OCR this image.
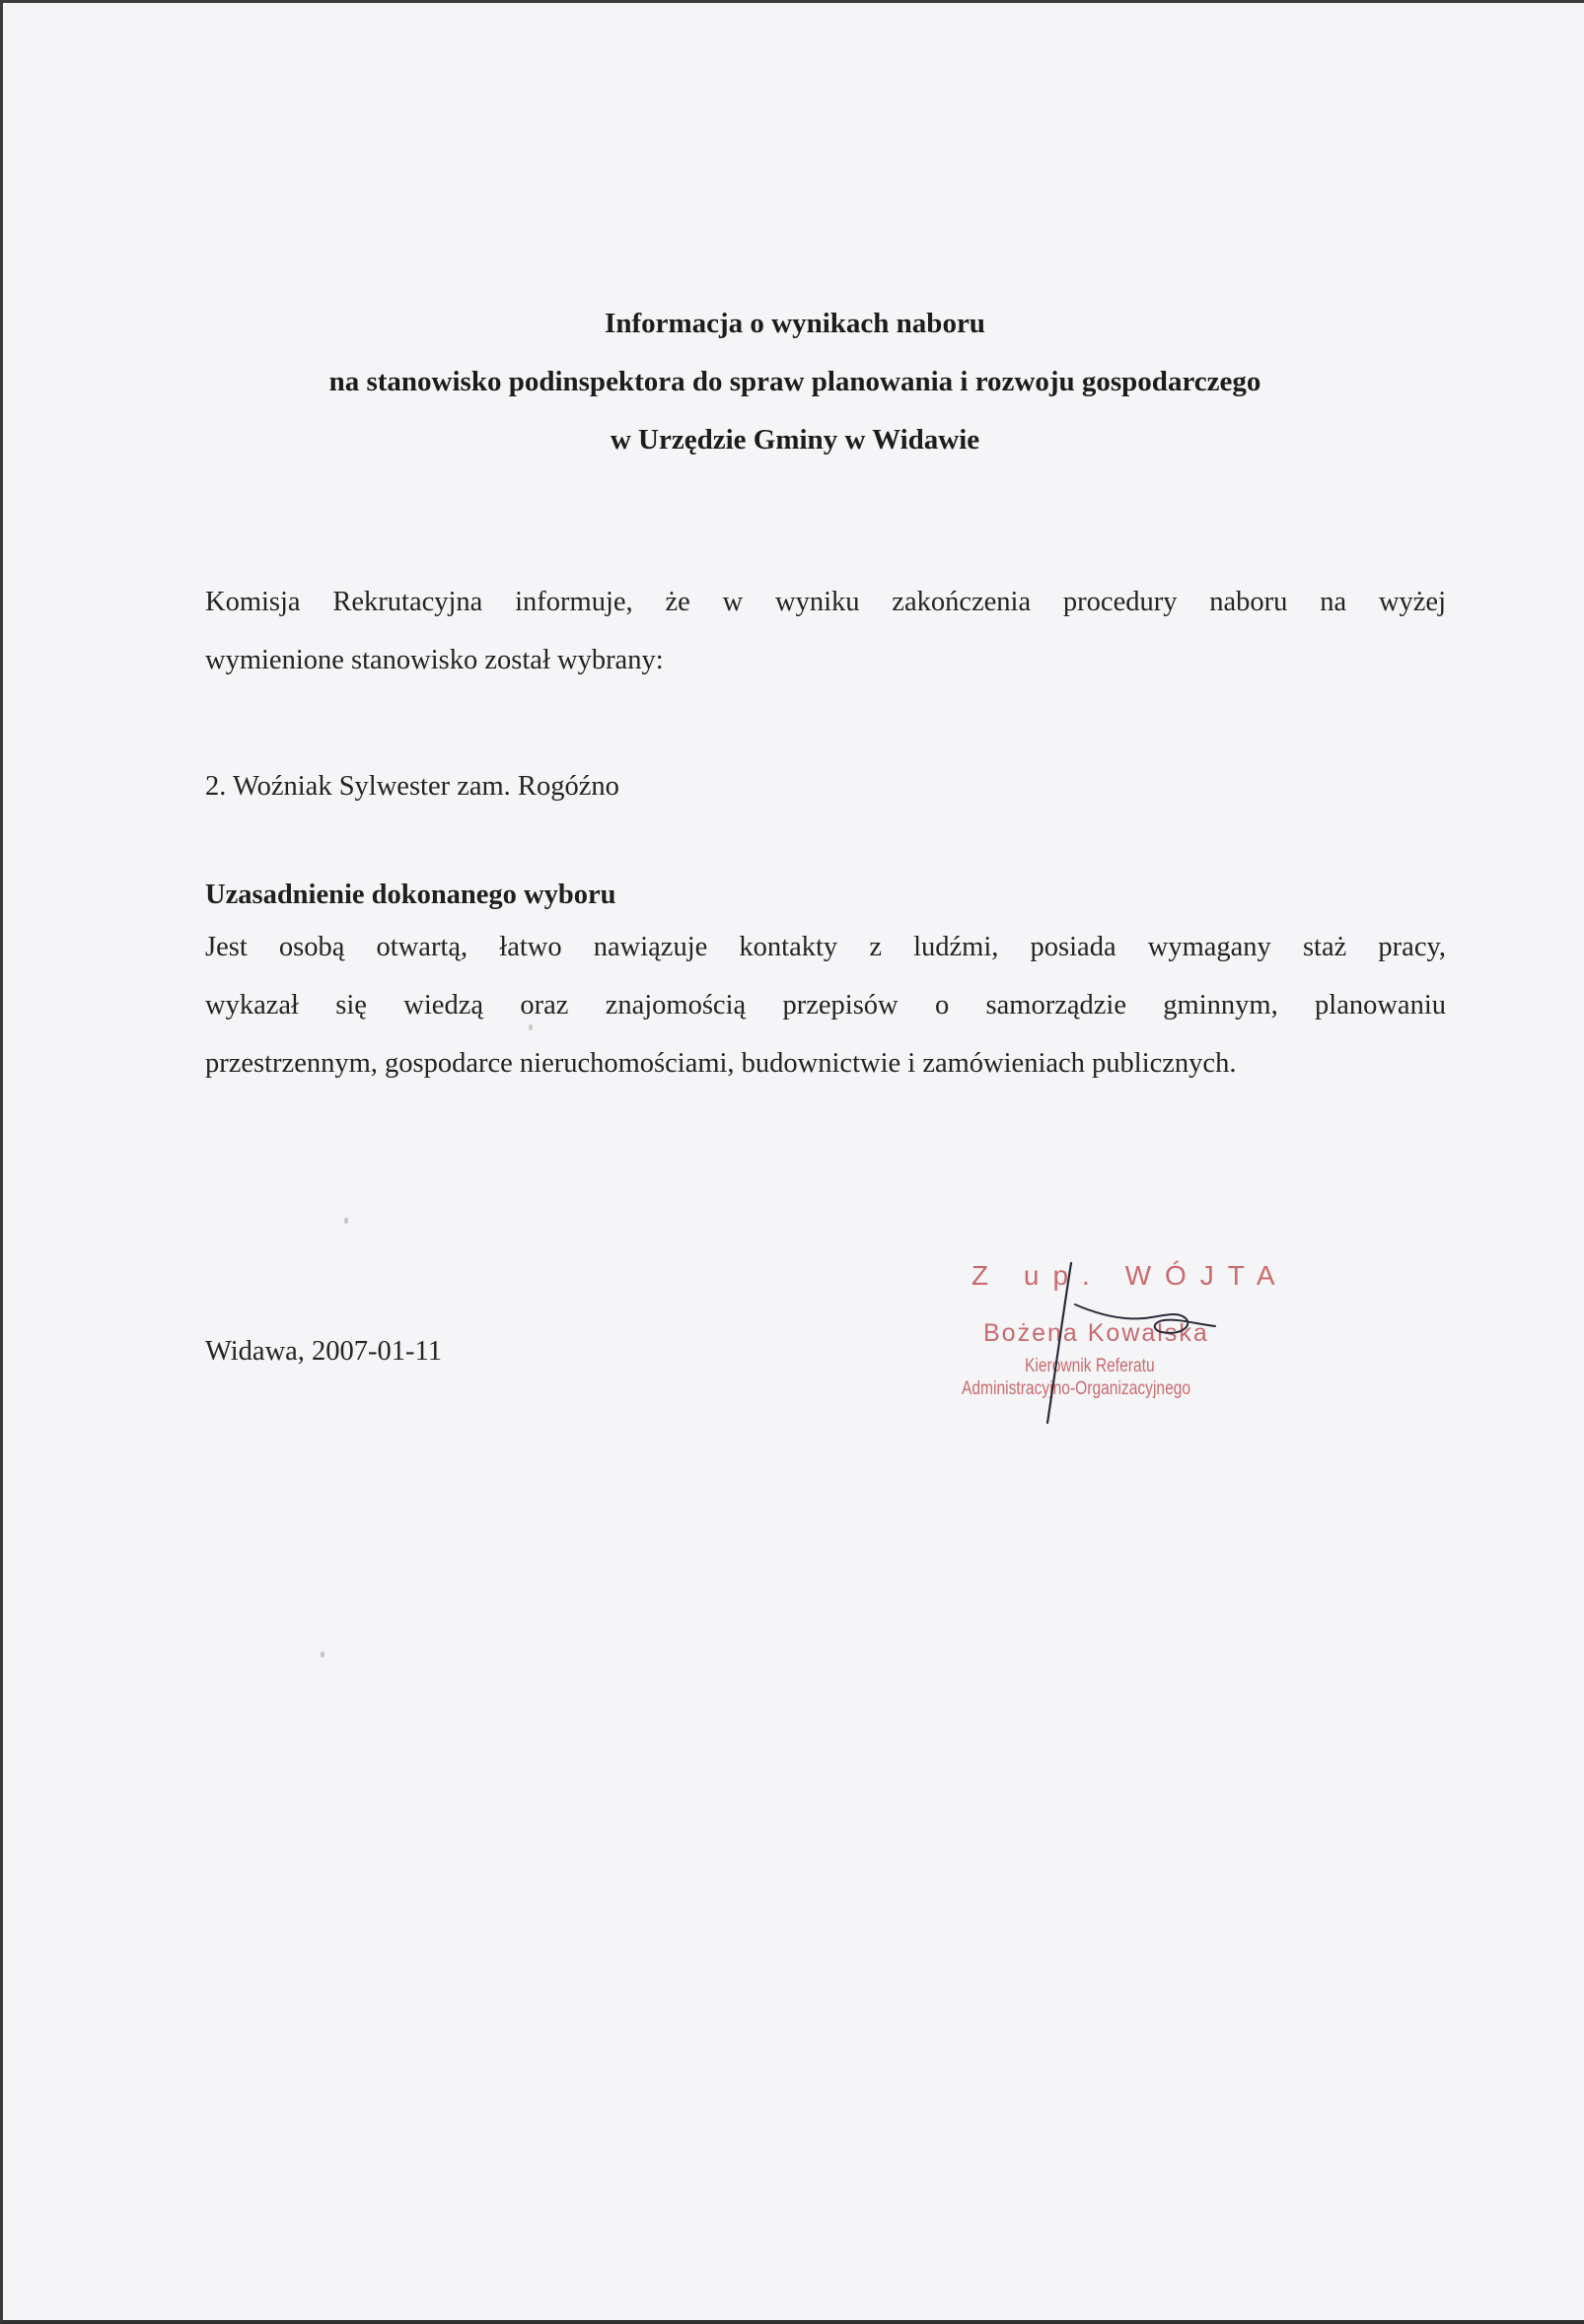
Informacja o wynikach naboru
na stanowisko podinspektora do spraw planowania i rozwoju gospodarczego
w Urzędzie Gminy w Widawie
Komisja Rekrutacyjna informuje, że w wyniku zakończenia procedury naboru na wyżej
wymienione stanowisko został wybrany:
2. Woźniak Sylwester zam. Rogóźno
Uzasadnienie dokonanego wyboru
Jest osobą otwartą, łatwo nawiązuje kontakty z ludźmi, posiada wymagany staż pracy,
wykazał się wiedzą oraz znajomością przepisów o samorządzie gminnym, planowaniu
przestrzennym, gospodarce nieruchomościami, budownictwie i zamówieniach publicznych.
Widawa, 2007-01-11
Z up. WÓJTA
Bożena Kowalska
Kierownik Referatu
Administracyjno-Organizacyjnego
